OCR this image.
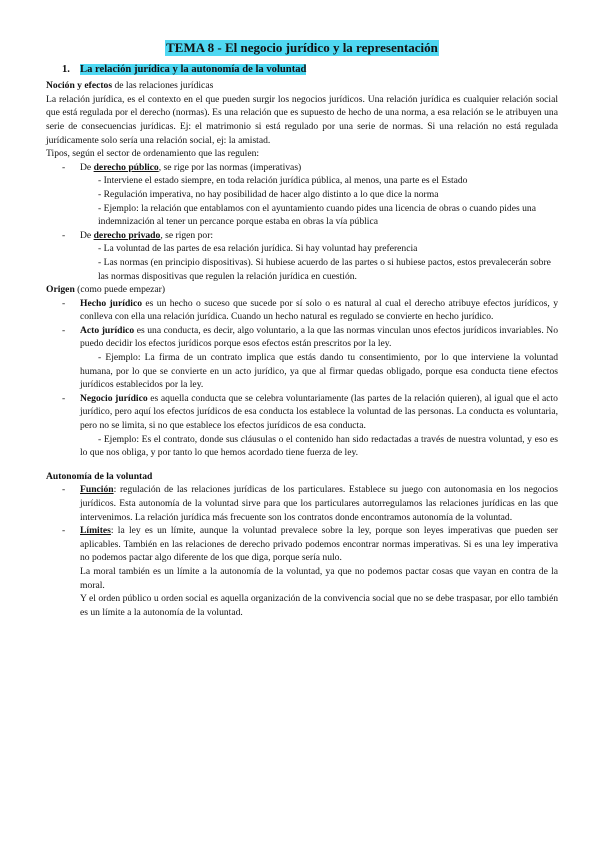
TEMA 8 - El negocio jurídico y la representación
1. La relación jurídica y la autonomía de la voluntad

Noción y efectos de las relaciones jurídicas

La relación jurídica, es el contexto en el que pueden surgir los negocios jurídicos. Una relación jurídica es cualquier relación social que está regulada por el derecho (normas). Es una relación que es supuesto de hecho de una norma, a esa relación se le atribuyen una serie de consecuencias jurídicas. Ej: el matrimonio si está regulado por una serie de normas. Si una relación no está regulada jurídicamente solo sería una relación social, ej: la amistad.

Tipos, según el sector de ordenamiento que las regulen:

- De derecho público, se rige por las normas (imperativas)

- Interviene el estado siempre, en toda relación jurídica pública, al menos, una parte es el Estado

- Regulación imperativa, no hay posibilidad de hacer algo distinto a lo que dice la norma

- Ejemplo: la relación que entablamos con el ayuntamiento cuando pides una licencia de obras o cuando pides una indemnización al tener un percance porque estaba en obras la vía pública

- De derecho privado, se rigen por:

- La voluntad de las partes de esa relación jurídica. Si hay voluntad hay preferencia

- Las normas (en principio dispositivas). Si hubiese acuerdo de las partes o si hubiese pactos, estos prevalecerán sobre las normas dispositivas que regulen la relación jurídica en cuestión.

Origen (como puede empezar)

- Hecho jurídico es un hecho o suceso que sucede por sí solo o es natural al cual el derecho atribuye efectos jurídicos, y conlleva con ella una relación jurídica. Cuando un hecho natural es regulado se convierte en hecho jurídico.
- Acto jurídico es una conducta, es decir, algo voluntario, a la que las normas vinculan unos efectos jurídicos invariables. No puedo decidir los efectos jurídicos porque esos efectos están prescritos por la ley.

- Ejemplo: La firma de un contrato implica que estás dando tu consentimiento, por lo que interviene la voluntad humana, por lo que se convierte en un acto jurídico, ya que al firmar quedas obligado, porque esa conducta tiene efectos jurídicos establecidos por la ley.

- Negocio jurídico es aquella conducta que se celebra voluntariamente (las partes de la relación quieren), al igual que el acto jurídico, pero aquí los efectos jurídicos de esa conducta los establece la voluntad de las personas. La conducta es voluntaria, pero no se limita, si no que establece los efectos jurídicos de esa conducta.

- Ejemplo: Es el contrato, donde sus cláusulas o el contenido han sido redactadas a través de nuestra voluntad, y eso es lo que nos obliga, y por tanto lo que hemos acordado tiene fuerza de ley.

Autonomía de la voluntad

- Función: regulación de las relaciones jurídicas de los particulares. Establece su juego con autonomasia en los negocios jurídicos. Esta autonomía de la voluntad sirve para que los particulares autorregulamos las relaciones jurídicas en las que intervenimos. La relación jurídica más frecuente son los contratos donde encontramos autonomía de la voluntad.
- Límites: la ley es un límite, aunque la voluntad prevalece sobre la ley, porque son leyes imperativas que pueden ser aplicables. También en las relaciones de derecho privado podemos encontrar normas imperativas. Si es una ley imperativa no podemos pactar algo diferente de los que diga, porque sería nulo.

La moral también es un límite a la autonomía de la voluntad, ya que no podemos pactar cosas que vayan en contra de la moral.

Y el orden público u orden social es aquella organización de la convivencia social que no se debe traspasar, por ello también es un límite a la autonomía de la voluntad.
